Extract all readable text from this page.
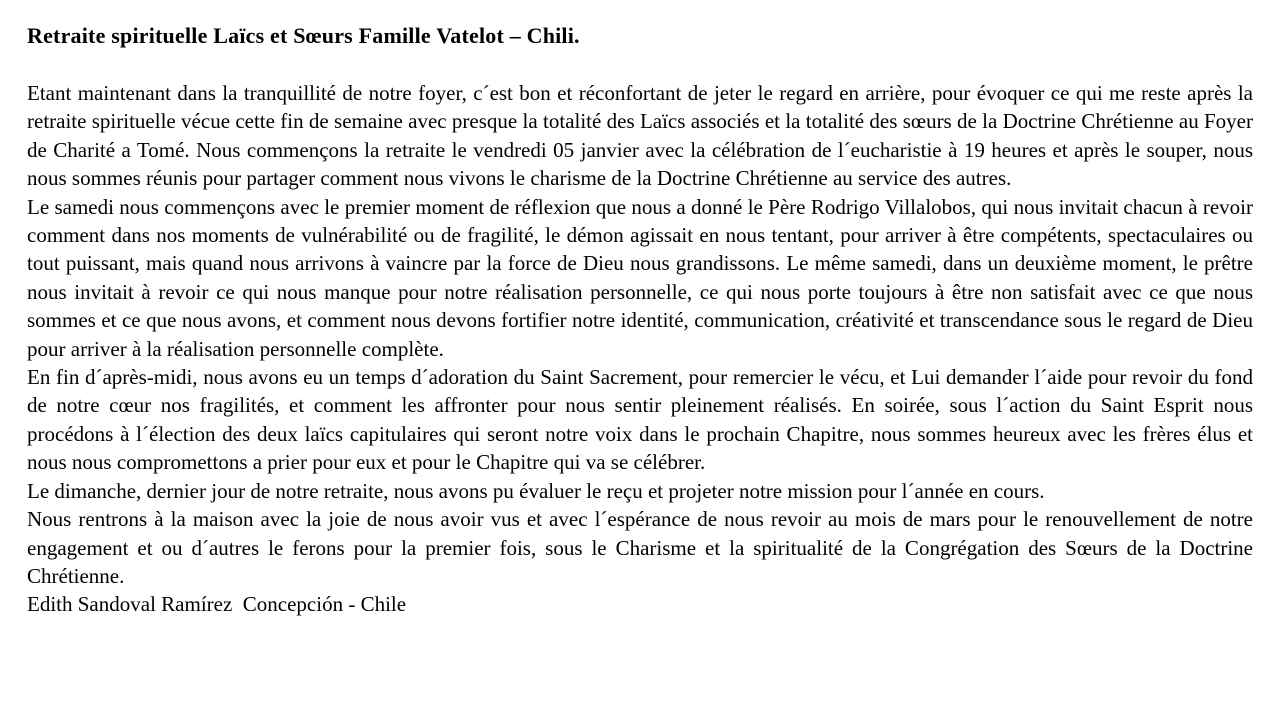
Retraite spirituelle Laïcs et Sœurs Famille Vatelot – Chili.

Etant maintenant dans la tranquillité de notre foyer, c´est bon et réconfortant de jeter le regard en arrière, pour évoquer ce qui me reste après la retraite spirituelle vécue cette fin de semaine avec presque la totalité des Laïcs associés et la totalité des sœurs de la Doctrine Chrétienne au Foyer de Charité a Tomé. Nous commençons la retraite le vendredi 05 janvier avec la célébration de l´eucharistie à 19 heures et après le souper, nous nous sommes réunis pour partager comment nous vivons le charisme de la Doctrine Chrétienne au service des autres.

Le samedi nous commençons avec le premier moment de réflexion que nous a donné le Père Rodrigo Villalobos, qui nous invitait chacun à revoir comment dans nos moments de vulnérabilité ou de fragilité, le démon agissait en nous tentant, pour arriver à être compétents, spectaculaires ou tout puissant, mais quand nous arrivons à vaincre par la force de Dieu nous grandissons. Le même samedi, dans un deuxième moment, le prêtre nous invitait à revoir ce qui nous manque pour notre réalisation personnelle, ce qui nous porte toujours à être non satisfait avec ce que nous sommes et ce que nous avons, et comment nous devons fortifier notre identité, communication, créativité et transcendance sous le regard de Dieu pour arriver à la réalisation personnelle complète.

En fin d´après-midi, nous avons eu un temps d´adoration du Saint Sacrement, pour remercier le vécu, et Lui demander l´aide pour revoir du fond de notre cœur nos fragilités, et comment les affronter pour nous sentir pleinement réalisés. En soirée, sous l´action du Saint Esprit nous procédons à l´élection des deux laïcs capitulaires qui seront notre voix dans le prochain Chapitre, nous sommes heureux avec les frères élus et nous nous compromettons a prier pour eux et pour le Chapitre qui va se célébrer.

Le dimanche, dernier jour de notre retraite, nous avons pu évaluer le reçu et projeter notre mission pour l´année en cours.

Nous rentrons à la maison avec la joie de nous avoir vus et avec l´espérance de nous revoir au mois de mars pour le renouvellement de notre engagement et ou d´autres le ferons pour la premier fois, sous le Charisme et la spiritualité de la Congrégation des Sœurs de la Doctrine Chrétienne.

Edith Sandoval Ramírez  Concepción - Chile
